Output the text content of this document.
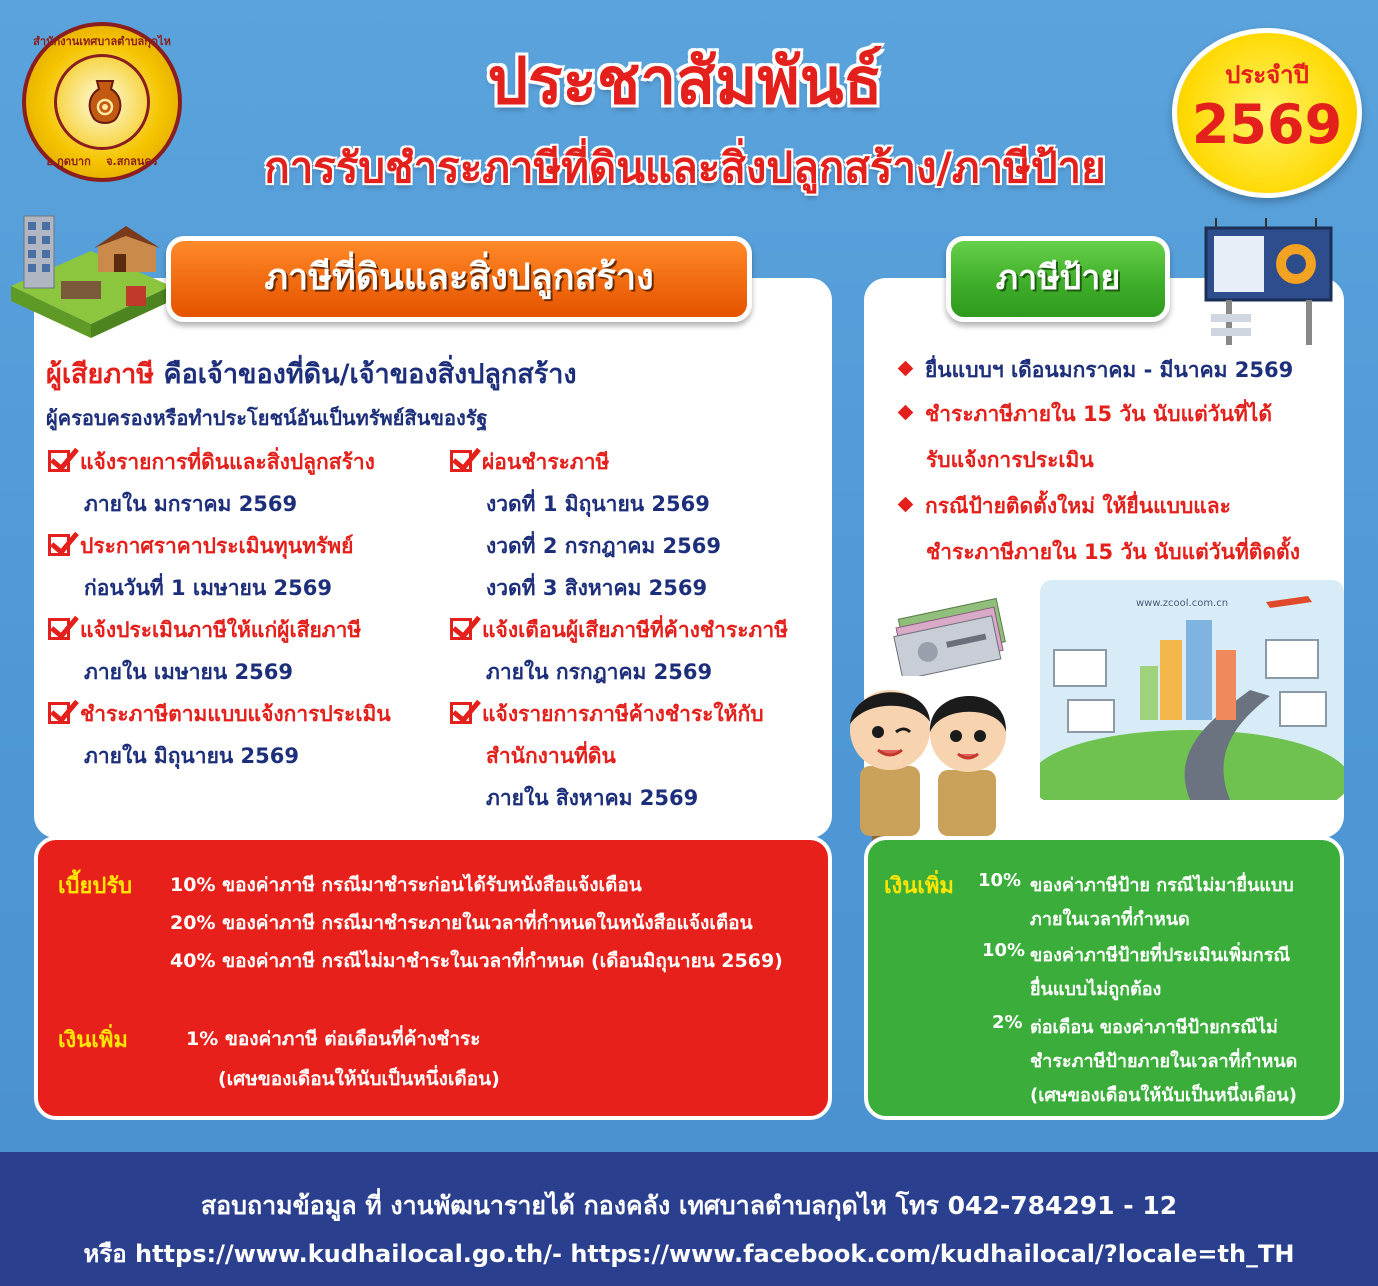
สำนักงานเทศบาลตำบลกุดไห
อ.กุดบาก จ.สกลนคร
ประชาสัมพันธ์
การรับชำระภาษีที่ดินและสิ่งปลูกสร้าง/ภาษีป้าย
ประจำปี
2569
ภาษีที่ดินและสิ่งปลูกสร้าง	ภาษีป้าย
ผู้เสียภาษี คือเจ้าของที่ดิน/เจ้าของสิ่งปลูกสร้าง
ผู้ครอบครองหรือทำประโยชน์อันเป็นทรัพย์สินของรัฐ
แจ้งรายการที่ดินและสิ่งปลูกสร้าง
ภายใน มกราคม 2569
ประกาศราคาประเมินทุนทรัพย์
ก่อนวันที่ 1 เมษายน 2569
แจ้งประเมินภาษีให้แก่ผู้เสียภาษี
ภายใน เมษายน 2569
ชำระภาษีตามแบบแจ้งการประเมิน
ภายใน มิถุนายน 2569
ผ่อนชำระภาษี
งวดที่ 1 มิถุนายน 2569
งวดที่ 2 กรกฎาคม 2569
งวดที่ 3 สิงหาคม 2569
แจ้งเตือนผู้เสียภาษีที่ค้างชำระภาษี
ภายใน กรกฎาคม 2569
แจ้งรายการภาษีค้างชำระให้กับ
สำนักงานที่ดิน
ภายใน สิงหาคม 2569
ยื่นแบบฯ เดือนมกราคม - มีนาคม 2569
ชำระภาษีภายใน 15 วัน นับแต่วันที่ได้
รับแจ้งการประเมิน
กรณีป้ายติดตั้งใหม่ ให้ยื่นแบบและ
ชำระภาษีภายใน 15 วัน นับแต่วันที่ติดตั้ง
www.zcool.com.cn
เบี้ยปรับ 10% ของค่าภาษี กรณีมาชำระก่อนได้รับหนังสือแจ้งเตือน
20% ของค่าภาษี กรณีมาชำระภายในเวลาที่กำหนดในหนังสือแจ้งเตือน
40% ของค่าภาษี กรณีไม่มาชำระในเวลาที่กำหนด (เดือนมิถุนายน 2569)
เงินเพิ่ม	1% ของค่าภาษี ต่อเดือนที่ค้างชำระ
(เศษของเดือนให้นับเป็นหนึ่งเดือน)
เงินเพิ่ม 10% ของค่าภาษีป้าย กรณีไม่มายื่นแบบ
ภายในเวลาที่กำหนด
10% ของค่าภาษีป้ายที่ประเมินเพิ่มกรณี
ยื่นแบบไม่ถูกต้อง
2% ต่อเดือน ของค่าภาษีป้ายกรณีไม่
ชำระภาษีป้ายภายในเวลาที่กำหนด
(เศษของเดือนให้นับเป็นหนึ่งเดือน)
สอบถามข้อมูล ที่ งานพัฒนารายได้ กองคลัง เทศบาลตำบลกุดไห โทร 042-784291 - 12
หรือ https://www.kudhailocal.go.th/- https://www.facebook.com/kudhailocal/?locale=th_TH
